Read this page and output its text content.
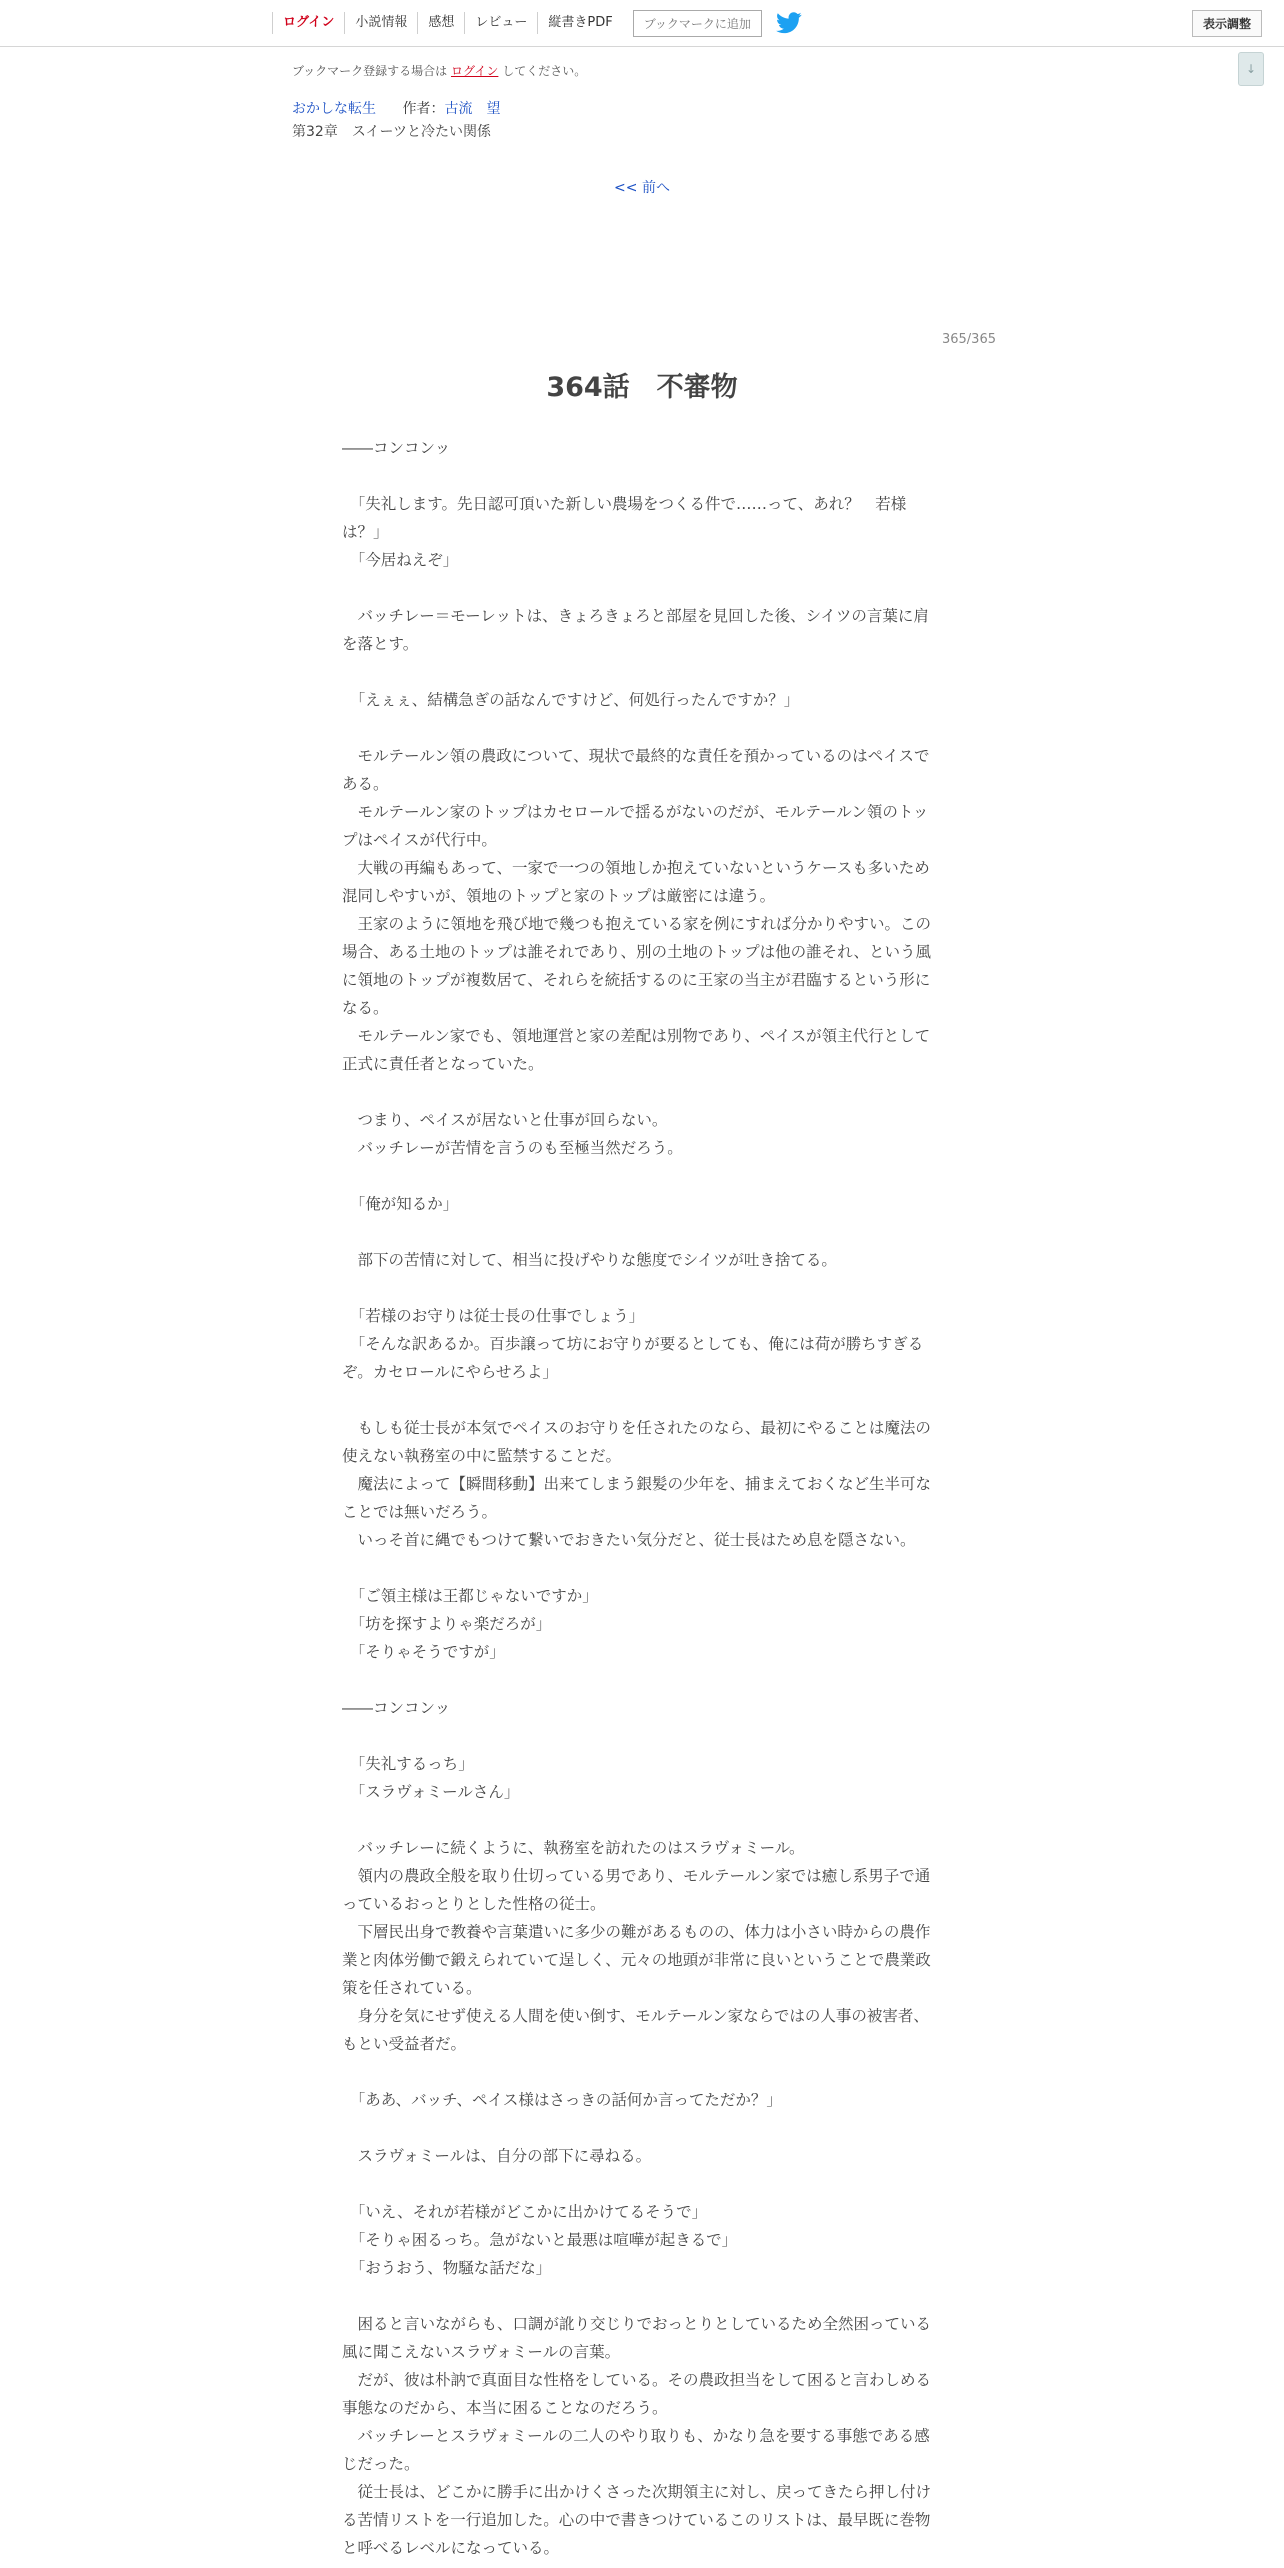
ログイン	小説情報	感想	レビュー	縦書きPDF	ブックマークに追加	表示調整
↓
ブックマーク登録する場合は ログイン してください。
おかしな転生 作者：古流　望
第32章　スイーツと冷たい関係
<< 前へ
365/365
364話　不審物

――コンコンッ

　「失礼します。先日認可頂いた新しい農場をつくる件で……って、あれ？　若様は？」

　「今居ねえぞ」

　バッチレー＝モーレットは、きょろきょろと部屋を見回した後、シイツの言葉に肩を落とす。

　「えぇぇ、結構急ぎの話なんですけど、何処行ったんですか？」

　モルテールン領の農政について、現状で最終的な責任を預かっているのはペイスである。

　モルテールン家のトップはカセロールで揺るがないのだが、モルテールン領のトップはペイスが代行中。

　大戦の再編もあって、一家で一つの領地しか抱えていないというケースも多いため混同しやすいが、領地のトップと家のトップは厳密には違う。

　王家のように領地を飛び地で幾つも抱えている家を例にすれば分かりやすい。この場合、ある土地のトップは誰それであり、別の土地のトップは他の誰それ、という風に領地のトップが複数居て、それらを統括するのに王家の当主が君臨するという形になる。

　モルテールン家でも、領地運営と家の差配は別物であり、ペイスが領主代行として正式に責任者となっていた。

　つまり、ペイスが居ないと仕事が回らない。

　バッチレーが苦情を言うのも至極当然だろう。

　「俺が知るか」

　部下の苦情に対して、相当に投げやりな態度でシイツが吐き捨てる。

　「若様のお守りは従士長の仕事でしょう」

　「そんな訳あるか。百歩譲って坊にお守りが要るとしても、俺には荷が勝ちすぎるぞ。カセロールにやらせろよ」

　もしも従士長が本気でペイスのお守りを任されたのなら、最初にやることは魔法の使えない執務室の中に監禁することだ。

　魔法によって【瞬間移動】出来てしまう銀髪の少年を、捕まえておくなど生半可なことでは無いだろう。

　いっそ首に縄でもつけて繋いでおきたい気分だと、従士長はため息を隠さない。

　「ご領主様は王都じゃないですか」

　「坊を探すよりゃ楽だろが」

　「そりゃそうですが」

――コンコンッ

　「失礼するっち」

　「スラヴォミールさん」

　バッチレーに続くように、執務室を訪れたのはスラヴォミール。

　領内の農政全般を取り仕切っている男であり、モルテールン家では癒し系男子で通っているおっとりとした性格の従士。

　下層民出身で教養や言葉遣いに多少の難があるものの、体力は小さい時からの農作業と肉体労働で鍛えられていて逞しく、元々の地頭が非常に良いということで農業政策を任されている。

　身分を気にせず使える人間を使い倒す、モルテールン家ならではの人事の被害者、もとい受益者だ。

　「ああ、バッチ、ペイス様はさっきの話何か言ってただか？」

　スラヴォミールは、自分の部下に尋ねる。

　「いえ、それが若様がどこかに出かけてるそうで」

　「そりゃ困るっち。急がないと最悪は喧嘩が起きるで」

　「おうおう、物騒な話だな」

　困ると言いながらも、口調が訛り交じりでおっとりとしているため全然困っている風に聞こえないスラヴォミールの言葉。

　だが、彼は朴訥で真面目な性格をしている。その農政担当をして困ると言わしめる事態なのだから、本当に困ることなのだろう。

　バッチレーとスラヴォミールの二人のやり取りも、かなり急を要する事態である感じだった。

　従士長は、どこかに勝手に出かけくさった次期領主に対し、戻ってきたら押し付ける苦情リストを一行追加した。心の中で書きつけているこのリストは、最早既に巻物と呼べるレベルになっている。
